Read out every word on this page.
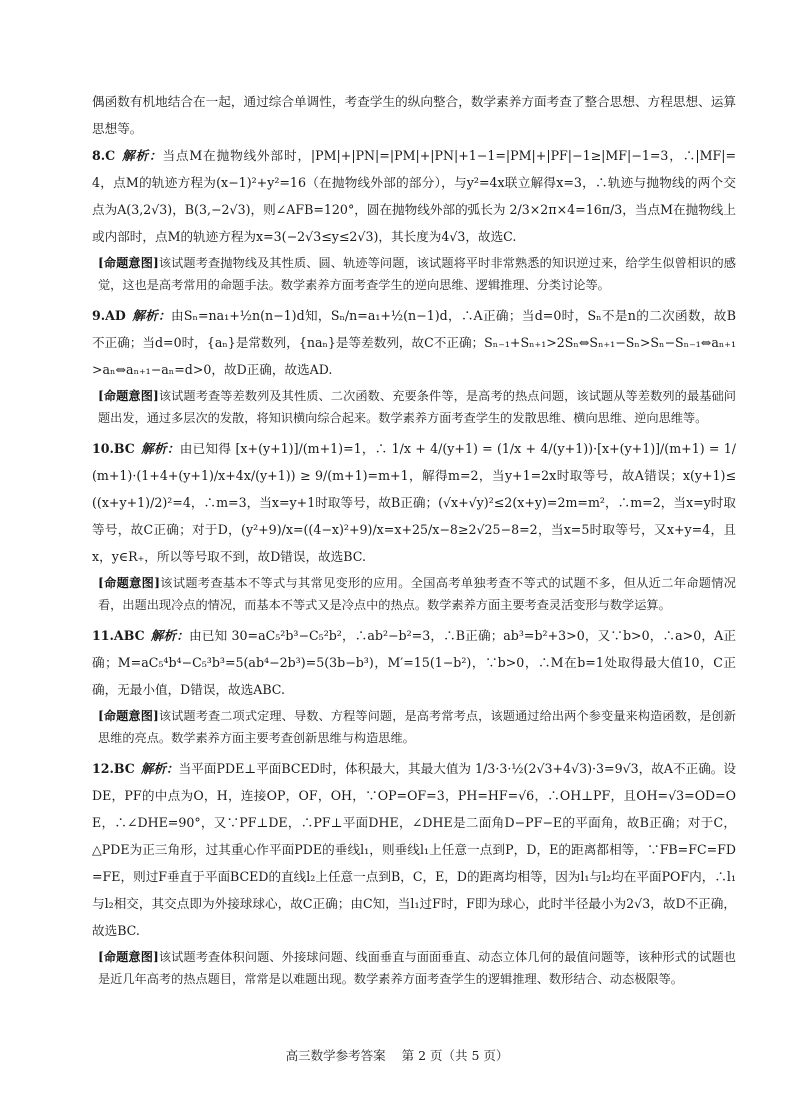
偶函数有机地结合在一起，通过综合单调性，考查学生的纵向整合，数学素养方面考查了整合思想、方程思想、运算思想等。

8.C 解析：当点M在抛物线外部时，|PM|+|PN|=|PM|+|PN|+1−1=|PM|+|PF|−1≥|MF|−1=3，∴|MF|=4，点M的轨迹方程为(x−1)²+y²=16（在抛物线外部的部分），与y²=4x联立解得x=3，∴轨迹与抛物线的两个交点为A(3,2√3)，B(3,−2√3)，则∠AFB=120°，圆在抛物线外部的弧长为 2/3×2π×4=16π/3，当点M在抛物线上或内部时，点M的轨迹方程为x=3(−2√3≤y≤2√3)，其长度为4√3，故选C.

[命题意图]该试题考查抛物线及其性质、圆、轨迹等问题，该试题将平时非常熟悉的知识逆过来，给学生似曾相识的感觉，这也是高考常用的命题手法。数学素养方面考查学生的逆向思维、逻辑推理、分类讨论等。

9.AD 解析：由Sₙ=na₁+½n(n−1)d知，Sₙ/n=a₁+½(n−1)d，∴A正确；当d=0时，Sₙ不是n的二次函数，故B不正确；当d=0时，{aₙ}是常数列，{naₙ}是等差数列，故C不正确；Sₙ₋₁+Sₙ₊₁>2Sₙ⇔Sₙ₊₁−Sₙ>Sₙ−Sₙ₋₁⇔aₙ₊₁>aₙ⇔aₙ₊₁−aₙ=d>0，故D正确，故选AD.

[命题意图]该试题考查等差数列及其性质、二次函数、充要条件等，是高考的热点问题，该试题从等差数列的最基础问题出发，通过多层次的发散，将知识横向综合起来。数学素养方面考查学生的发散思维、横向思维、逆向思维等。

10.BC 解析：由已知得 [x+(y+1)]/(m+1)=1，∴ 1/x + 4/(y+1) = (1/x + 4/(y+1))·[x+(y+1)]/(m+1) = 1/(m+1)·(1+4+(y+1)/x+4x/(y+1)) ≥ 9/(m+1)=m+1，解得m=2，当y+1=2x时取等号，故A错误；x(y+1)≤((x+y+1)/2)²=4，∴m=3，当x=y+1时取等号，故B正确；(√x+√y)²≤2(x+y)=2m=m²，∴m=2，当x=y时取等号，故C正确；对于D，(y²+9)/x=((4−x)²+9)/x=x+25/x−8≥2√25−8=2，当x=5时取等号，又x+y=4，且x，y∈R₊，所以等号取不到，故D错误，故选BC.

[命题意图]该试题考查基本不等式与其常见变形的应用。全国高考单独考查不等式的试题不多，但从近二年命题情况看，出题出现冷点的情况，而基本不等式又是冷点中的热点。数学素养方面主要考查灵活变形与数学运算。

11.ABC 解析：由已知 30=aC₅²b³−C₅²b²，∴ab²−b²=3，∴B正确；ab³=b²+3>0，又∵b>0，∴a>0，A正确；M=aC₅⁴b⁴−C₅³b³=5(ab⁴−2b³)=5(3b−b³)，M′=15(1−b²)，∵b>0，∴M在b=1处取得最大值10，C正确，无最小值，D错误，故选ABC.

[命题意图]该试题考查二项式定理、导数、方程等问题，是高考常考点，该题通过给出两个参变量来构造函数，是创新思维的亮点。数学素养方面主要考查创新思维与构造思维。

12.BC 解析：当平面PDE⊥平面BCED时，体积最大，其最大值为 1/3·3·½(2√3+4√3)·3=9√3，故A不正确。设DE，PF的中点为O，H，连接OP，OF，OH，∵OP=OF=3，PH=HF=√6，∴OH⊥PF，且OH=√3=OD=OE，∴∠DHE=90°，又∵PF⊥DE，∴PF⊥平面DHE，∠DHE是二面角D−PF−E的平面角，故B正确；对于C，△PDE为正三角形，过其重心作平面PDE的垂线l₁，则垂线l₁上任意一点到P，D，E的距离都相等，∵FB=FC=FD=FE，则过F垂直于平面BCED的直线l₂上任意一点到B，C，E，D的距离均相等，因为l₁与l₂均在平面POF内，∴l₁与l₂相交，其交点即为外接球球心，故C正确；由C知，当l₁过F时，F即为球心，此时半径最小为2√3，故D不正确，故选BC.

[命题意图]该试题考查体积问题、外接球问题、线面垂直与面面垂直、动态立体几何的最值问题等，该种形式的试题也是近几年高考的热点题目，常常是以难题出现。数学素养方面考查学生的逻辑推理、数形结合、动态极限等。

高三数学参考答案 第 2 页（共 5 页）
